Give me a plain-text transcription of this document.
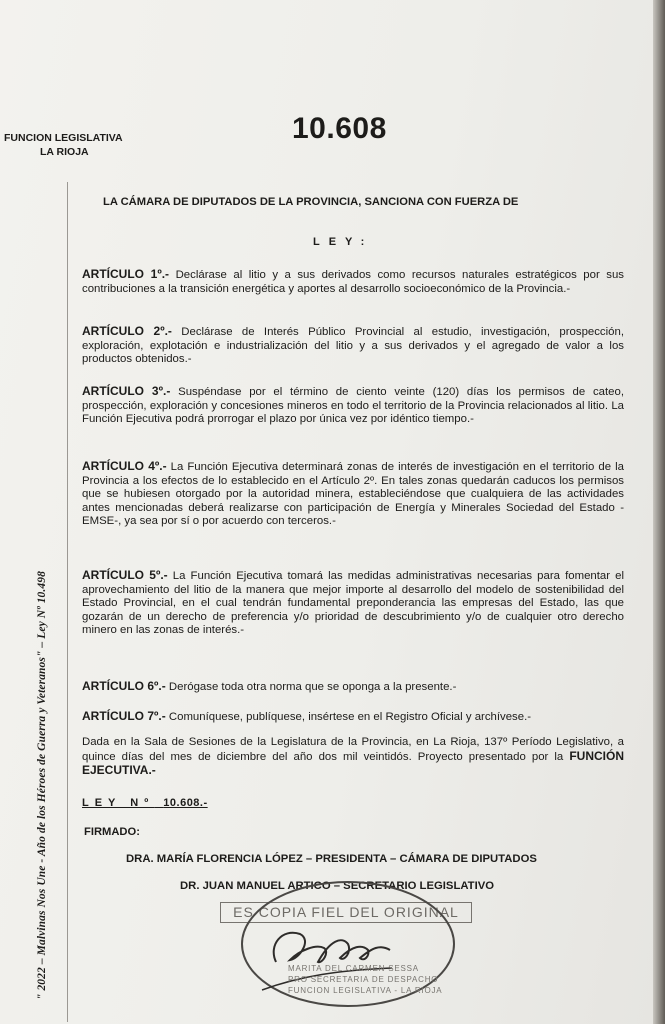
FUNCION LEGISLATIVA
LA RIOJA
10.608
" 2022 – Malvinas Nos Une - Año de los Héroes de Guerra y Veteranos" – Ley Nº 10.498
LA CÁMARA DE DIPUTADOS DE LA PROVINCIA, SANCIONA CON FUERZA DE
LEY:
ARTÍCULO 1º.- Declárase al litio y a sus derivados como recursos naturales estratégicos por sus contribuciones a la transición energética y aportes al desarrollo socioeconómico de la Provincia.-
ARTÍCULO 2º.- Declárase de Interés Público Provincial al estudio, investigación, prospección, exploración, explotación e industrialización del litio y a sus derivados y el agregado de valor a los productos obtenidos.-
ARTÍCULO 3º.- Suspéndase por el término de ciento veinte (120) días los permisos de cateo, prospección, exploración y concesiones mineros en todo el territorio de la Provincia relacionados al litio. La Función Ejecutiva podrá prorrogar el plazo por única vez por idéntico tiempo.-
ARTÍCULO 4º.- La Función Ejecutiva determinará zonas de interés de investigación en el territorio de la Provincia a los efectos de lo establecido en el Artículo 2º. En tales zonas quedarán caducos los permisos que se hubiesen otorgado por la autoridad minera, estableciéndose que cualquiera de las actividades antes mencionadas deberá realizarse con participación de Energía y Minerales Sociedad del Estado -EMSE-, ya sea por sí o por acuerdo con terceros.-
ARTÍCULO 5º.- La Función Ejecutiva tomará las medidas administrativas necesarias para fomentar el aprovechamiento del litio de la manera que mejor importe al desarrollo del modelo de sostenibilidad del Estado Provincial, en el cual tendrán fundamental preponderancia las empresas del Estado, las que gozarán de un derecho de preferencia y/o prioridad de descubrimiento y/o de cualquier otro derecho minero en las zonas de interés.-
ARTÍCULO 6º.- Derógase toda otra norma que se oponga a la presente.-
ARTÍCULO 7º.- Comuníquese, publíquese, insértese en el Registro Oficial y archívese.-
Dada en la Sala de Sesiones de la Legislatura de la Provincia, en La Rioja, 137º Período Legislativo, a quince días del mes de diciembre del año dos mil veintidós. Proyecto presentado por la FUNCIÓN EJECUTIVA.-
LEY Nº 10.608.-
FIRMADO:
DRA. MARÍA FLORENCIA LÓPEZ – PRESIDENTA – CÁMARA DE DIPUTADOS
DR. JUAN MANUEL ARTICO – SECRETARIO LEGISLATIVO
ES COPIA FIEL DEL ORIGINAL
MARITA DEL CARMEN SESSA
PRO SECRETARIA DE DESPACHO
FUNCION LEGISLATIVA - LA RIOJA
